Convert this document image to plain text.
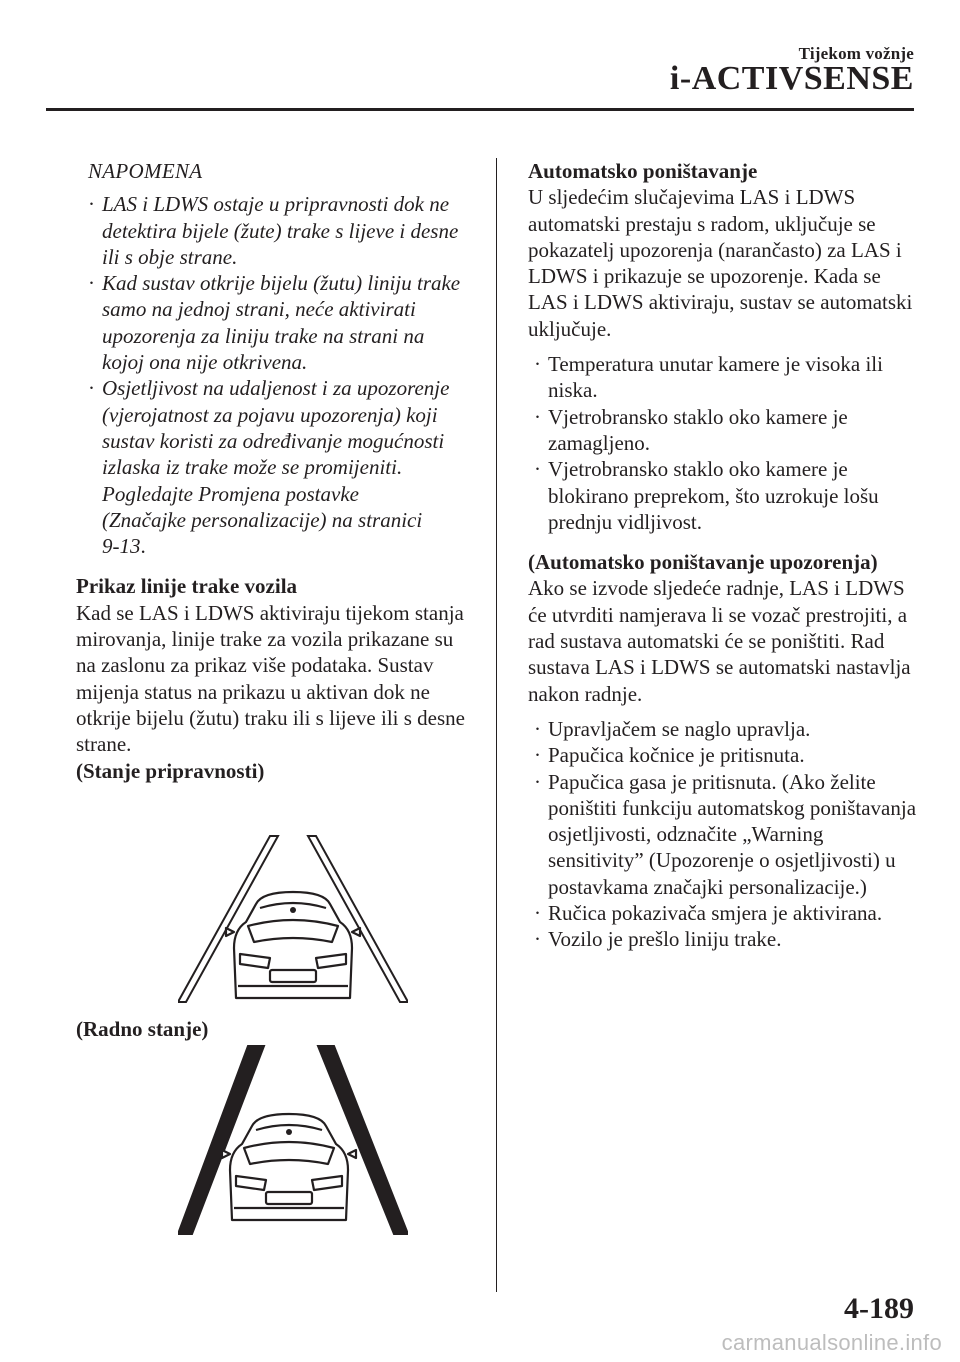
Tijekom vožnje
i-ACTIVSENSE
NAPOMENA
· LAS i LDWS ostaje u pripravnosti dok ne detektira bijele (žute) trake s lijeve i desne ili s obje strane.
· Kad sustav otkrije bijelu (žutu) liniju trake samo na jednoj strani, neće aktivirati upozorenja za liniju trake na strani na kojoj ona nije otkrivena.
· Osjetljivost na udaljenost i za upozorenje (vjerojatnost za pojavu upozorenja) koji sustav koristi za određivanje mogućnosti izlaska iz trake može se promijeniti.
Pogledajte Promjena postavke
(Značajke personalizacije) na stranici
9-13.

Prikaz linije trake vozila

Kad se LAS i LDWS aktiviraju tijekom stanja mirovanja, linije trake za vozila prikazane su na zaslonu za prikaz više podataka. Sustav mijenja status na prikazu u aktivan dok ne otkrije bijelu (žutu) traku ili s lijeve ili s desne strane.

(Stanje pripravnosti)

(Radno stanje)

Automatsko poništavanje

U sljedećim slučajevima LAS i LDWS automatski prestaju s radom, uključuje se pokazatelj upozorenja (narančasto) za LAS i LDWS i prikazuje se upozorenje. Kada se LAS i LDWS aktiviraju, sustav se automatski uključuje.

· Temperatura unutar kamere je visoka ili niska.
· Vjetrobransko staklo oko kamere je zamagljeno.
· Vjetrobransko staklo oko kamere je blokirano preprekom, što uzrokuje lošu prednju vidljivost.

(Automatsko poništavanje upozorenja)

Ako se izvode sljedeće radnje, LAS i LDWS će utvrditi namjerava li se vozač prestrojiti, a rad sustava automatski će se poništiti. Rad sustava LAS i LDWS se automatski nastavlja nakon radnje.

· Upravljačem se naglo upravlja.
· Papučica kočnice je pritisnuta.
· Papučica gasa je pritisnuta. (Ako želite poništiti funkciju automatskog poništavanja osjetljivosti, odznačite „Warning sensitivity” (Upozorenje o osjetljivosti) u postavkama značajki personalizacije.)
· Ručica pokazivača smjera je aktivirana.
· Vozilo je prešlo liniju trake.
4-189
carmanualsonline.info
